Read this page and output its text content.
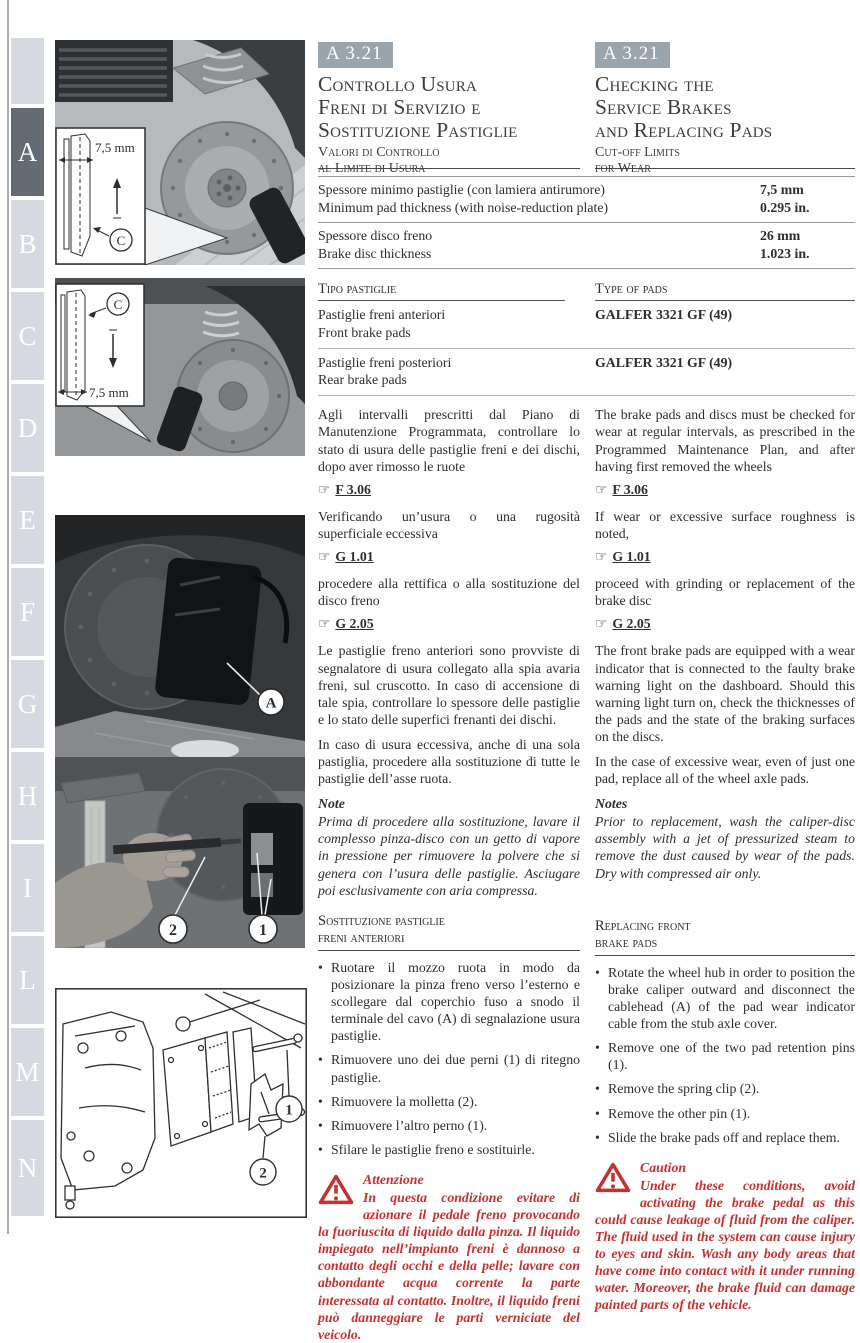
A
B
C
D
E
F
G
H
I
L
M
N
7,5 mm
C
C
7,5 mm
A
2	1
1
2
A 3.21
Controllo Usura
Freni di Servizio e
Sostituzione Pastiglie
Valori di Controllo
al Limite di Usura
A 3.21
Checking the
Service Brakes
and Replacing Pads
Cut-off Limits
for Wear
Spessore minimo pastiglie (con lamiera antirumore)
Minimum pad thickness (with noise-reduction plate)
7,5 mm
0.295 in.
Spessore disco freno
Brake disc thickness
26 mm
1.023 in.
Tipo pastiglie	Type of pads
Pastiglie freni anteriori
Front brake pads
GALFER 3321 GF (49)
Pastiglie freni posteriori
Rear brake pads
GALFER 3321 GF (49)

Agli intervalli prescritti dal Piano di Manutenzione Programmata, controllare lo stato di usura delle pastiglie freni e dei dischi, dopo aver rimosso le ruote

☞ F 3.06

Verificando un’usura o una rugosità superficiale eccessiva

☞ G 1.01

procedere alla rettifica o alla sostituzione del disco freno

☞ G 2.05

Le pastiglie freno anteriori sono provviste di segnalatore di usura collegato alla spia avaria freni, sul cruscotto. In caso di accensione di tale spia, controllare lo spessore delle pastiglie e lo stato delle superfici frenanti dei dischi.

In caso di usura eccessiva, anche di una sola pastiglia, procedere alla sostituzione di tutte le pastiglie dell’asse ruota.

Note

Prima di procedere alla sostituzione, lavare il complesso pinza-disco con un getto di vapore in pressione per rimuovere la polvere che si genera con l’usura delle pastiglie. Asciugare poi esclusivamente con aria compressa.

Sostituzione pastiglie
freni anteriori
• Ruotare il mozzo ruota in modo da posizionare la pinza freno verso l’esterno e scollegare dal coperchio fuso a snodo il terminale del cavo (A) di segnalazione usura pastiglie.
• Rimuovere uno dei due perni (1) di ritegno pastiglie.
• Rimuovere la molletta (2).
• Rimuovere l’altro perno (1).
• Sfilare le pastiglie freno e sostituirle.
Attenzione
In questa condizione evitare di azionare il pedale freno provocando la fuoriuscita di liquido dalla pinza. Il liquido impiegato nell’impianto freni è dannoso a contatto degli occhi e della pelle; lavare con abbondante acqua corrente la parte interessata al contatto. Inoltre, il liquido freni può danneggiare le parti verniciate del veicolo.

The brake pads and discs must be checked for wear at regular intervals, as prescribed in the Programmed Maintenance Plan, and after having first removed the wheels

☞ F 3.06

If wear or excessive surface roughness is noted,

☞ G 1.01

proceed with grinding or replacement of the brake disc

☞ G 2.05

The front brake pads are equipped with a wear indicator that is connected to the faulty brake warning light on the dashboard. Should this warning light turn on, check the thicknesses of the pads and the state of the braking surfaces on the discs.

In the case of excessive wear, even of just one pad, replace all of the wheel axle pads.

Notes

Prior to replacement, wash the caliper-disc assembly with a jet of pressurized steam to remove the dust caused by wear of the pads. Dry with compressed air only.

Replacing front
brake pads
• Rotate the wheel hub in order to position the brake caliper outward and disconnect the cablehead (A) of the pad wear indicator cable from the stub axle cover.
• Remove one of the two pad retention pins (1).
• Remove the spring clip (2).
• Remove the other pin (1).
• Slide the brake pads off and replace them.
Caution
Under these conditions, avoid activating the brake pedal as this could cause leakage of fluid from the caliper. The fluid used in the system can cause injury to eyes and skin. Wash any body areas that have come into contact with it under running water. Moreover, the brake fluid can damage painted parts of the vehicle.
